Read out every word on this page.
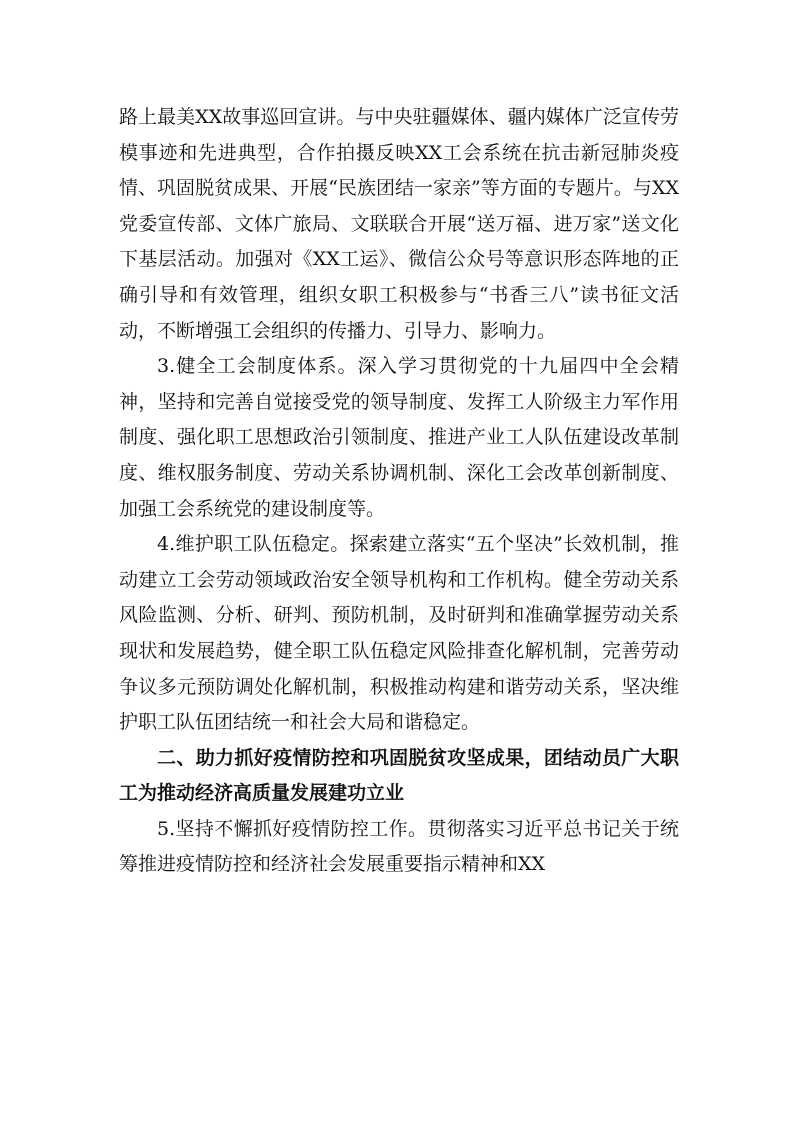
路上最美XX故事巡回宣讲。与中央驻疆媒体、疆内媒体广泛宣传劳模事迹和先进典型，合作拍摄反映XX工会系统在抗击新冠肺炎疫情、巩固脱贫成果、开展“民族团结一家亲”等方面的专题片。与XX党委宣传部、文体广旅局、文联联合开展“送万福、进万家”送文化下基层活动。加强对《XX工运》、微信公众号等意识形态阵地的正确引导和有效管理，组织女职工积极参与“书香三八”读书征文活动，不断增强工会组织的传播力、引导力、影响力。

3.健全工会制度体系。深入学习贯彻党的十九届四中全会精神，坚持和完善自觉接受党的领导制度、发挥工人阶级主力军作用制度、强化职工思想政治引领制度、推进产业工人队伍建设改革制度、维权服务制度、劳动关系协调机制、深化工会改革创新制度、加强工会系统党的建设制度等。

4.维护职工队伍稳定。探索建立落实“五个坚决”长效机制，推动建立工会劳动领域政治安全领导机构和工作机构。健全劳动关系风险监测、分析、研判、预防机制，及时研判和准确掌握劳动关系现状和发展趋势，健全职工队伍稳定风险排查化解机制，完善劳动争议多元预防调处化解机制，积极推动构建和谐劳动关系，坚决维护职工队伍团结统一和社会大局和谐稳定。

二、助力抓好疫情防控和巩固脱贫攻坚成果，团结动员广大职工为推动经济高质量发展建功立业

5.坚持不懈抓好疫情防控工作。贯彻落实习近平总书记关于统筹推进疫情防控和经济社会发展重要指示精神和XX
